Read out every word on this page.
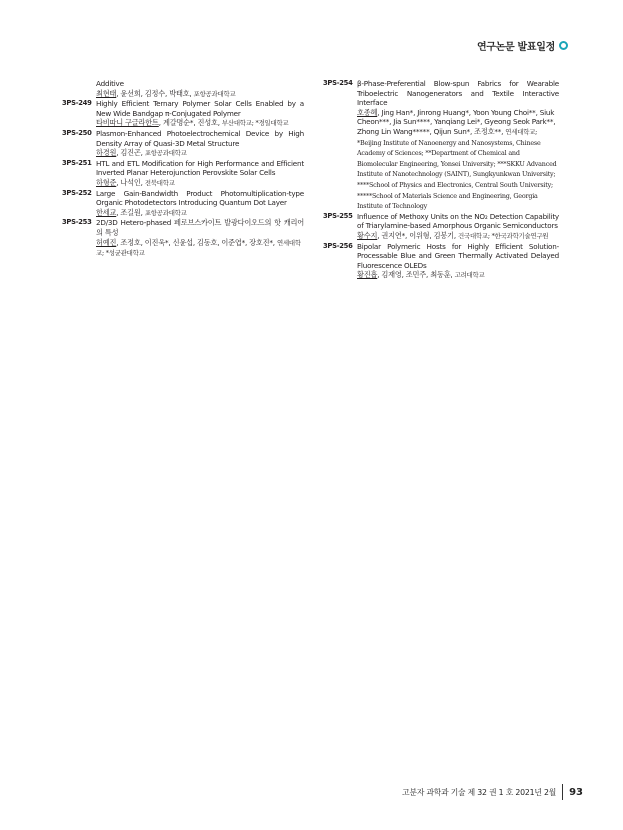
연구논문 발표일정
Additive
최현태, 윤선희, 김정수, 박태호, 포항공과대학교
3PS-249 Highly Efficient Ternary Polymer Solar Cells Enabled by a New Wide Bandgap π-Conjugated Polymer
타비따니 구글라한트, 계갈명순*, 진성호, 부산대학교; *경일대학교
3PS-250 Plasmon-Enhanced Photoelectrochemical Device by High Density Array of Quasi-3D Metal Structure
하경원, 김진곤, 포항공과대학교
3PS-251 HTL and ETL Modification for High Performance and Efficient Inverted Planar Heterojunction Perovskite Solar Cells
하형준, 나석인, 전북대학교
3PS-252 Large Gain-Bandwidth Product Photomultiplication-type Organic Photodetectors Introducing Quantum Dot Layer
한세교, 조길원, 포항공과대학교
3PS-253 2D/3D Hetero-phased 페로브스카이트 발광다이오드의 핫 캐리어의 특성
허예진, 조정호, 이진욱*, 신윤섭, 김동호, 이준엽*, 장호진*, 연세대학교; *성균관대학교
3PS-254 β-Phase-Preferential Blow-spun Fabrics for Wearable Triboelectric Nanogenerators and Textile Interactive Interface
호종혜, Jing Han*, Jinrong Huang*, Yoon Young Choi**, Siuk Cheon***, Jia Sun****, Yanqiang Lei*, Gyeong Seok Park**, Zhong Lin Wang*****, Qijun Sun*, 조정호**, 연세대학교; *Beijing Institute of Nanoenergy and Nanosystems, Chinese Academy of Sciences; **Department of Chemical and Biomolecular Engineering, Yonsei University; ***SKKU Advanced Institute of Nanotechnology (SAINT), Sungkyunkwan University; ****School of Physics and Electronics, Central South University; *****School of Materials Science and Engineering, Georgia Institute of Technology
3PS-255 Influence of Methoxy Units on the NO₂ Detection Capability of Triarylamine-based Amorphous Organic Semiconductors
황수지, 권지연*, 이위형, 김봉기, 건국대학교; *한국과학기술연구원
3PS-256 Bipolar Polymeric Hosts for Highly Efficient Solution-Processable Blue and Green Thermally Activated Delayed Fluorescence OLEDs
황진흡, 김재영, 조민주, 최동훈, 고려대학교
고분자 과학과 기술 제 32 권 1 호 2021년 2월 93
